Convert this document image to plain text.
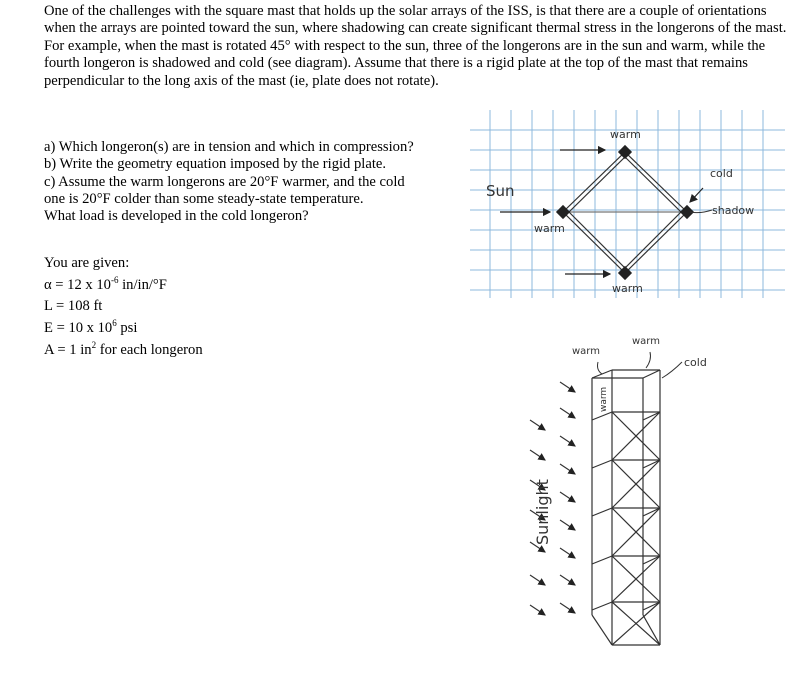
One of the challenges with the square mast that holds up the solar arrays of the ISS, is that there are a couple of orientations when the arrays are pointed toward the sun, where shadowing can create significant thermal stress in the longerons of the mast. For example, when the mast is rotated 45° with respect to the sun, three of the longerons are in the sun and warm, while the fourth longeron is shadowed and cold (see diagram). Assume that there is a rigid plate at the top of the mast that remains perpendicular to the long axis of the mast (ie, plate does not rotate).

a) Which longeron(s) are in tension and which in compression?
b) Write the geometry equation imposed by the rigid plate.
c) Assume the warm longerons are 20°F warmer, and the cold
one is 20°F colder than some steady-state temperature.
What load is developed in the cold longeron?
You are given:
α = 12 x $10^{-6}$ in/in/°F
L = 108 ft
E = 10 x $10^6$ psi
A = 1 $in^2$ for each longeron
warm
cold
Sun
shadow
warm
warm
warm
warm
cold
warm
Sunlight
